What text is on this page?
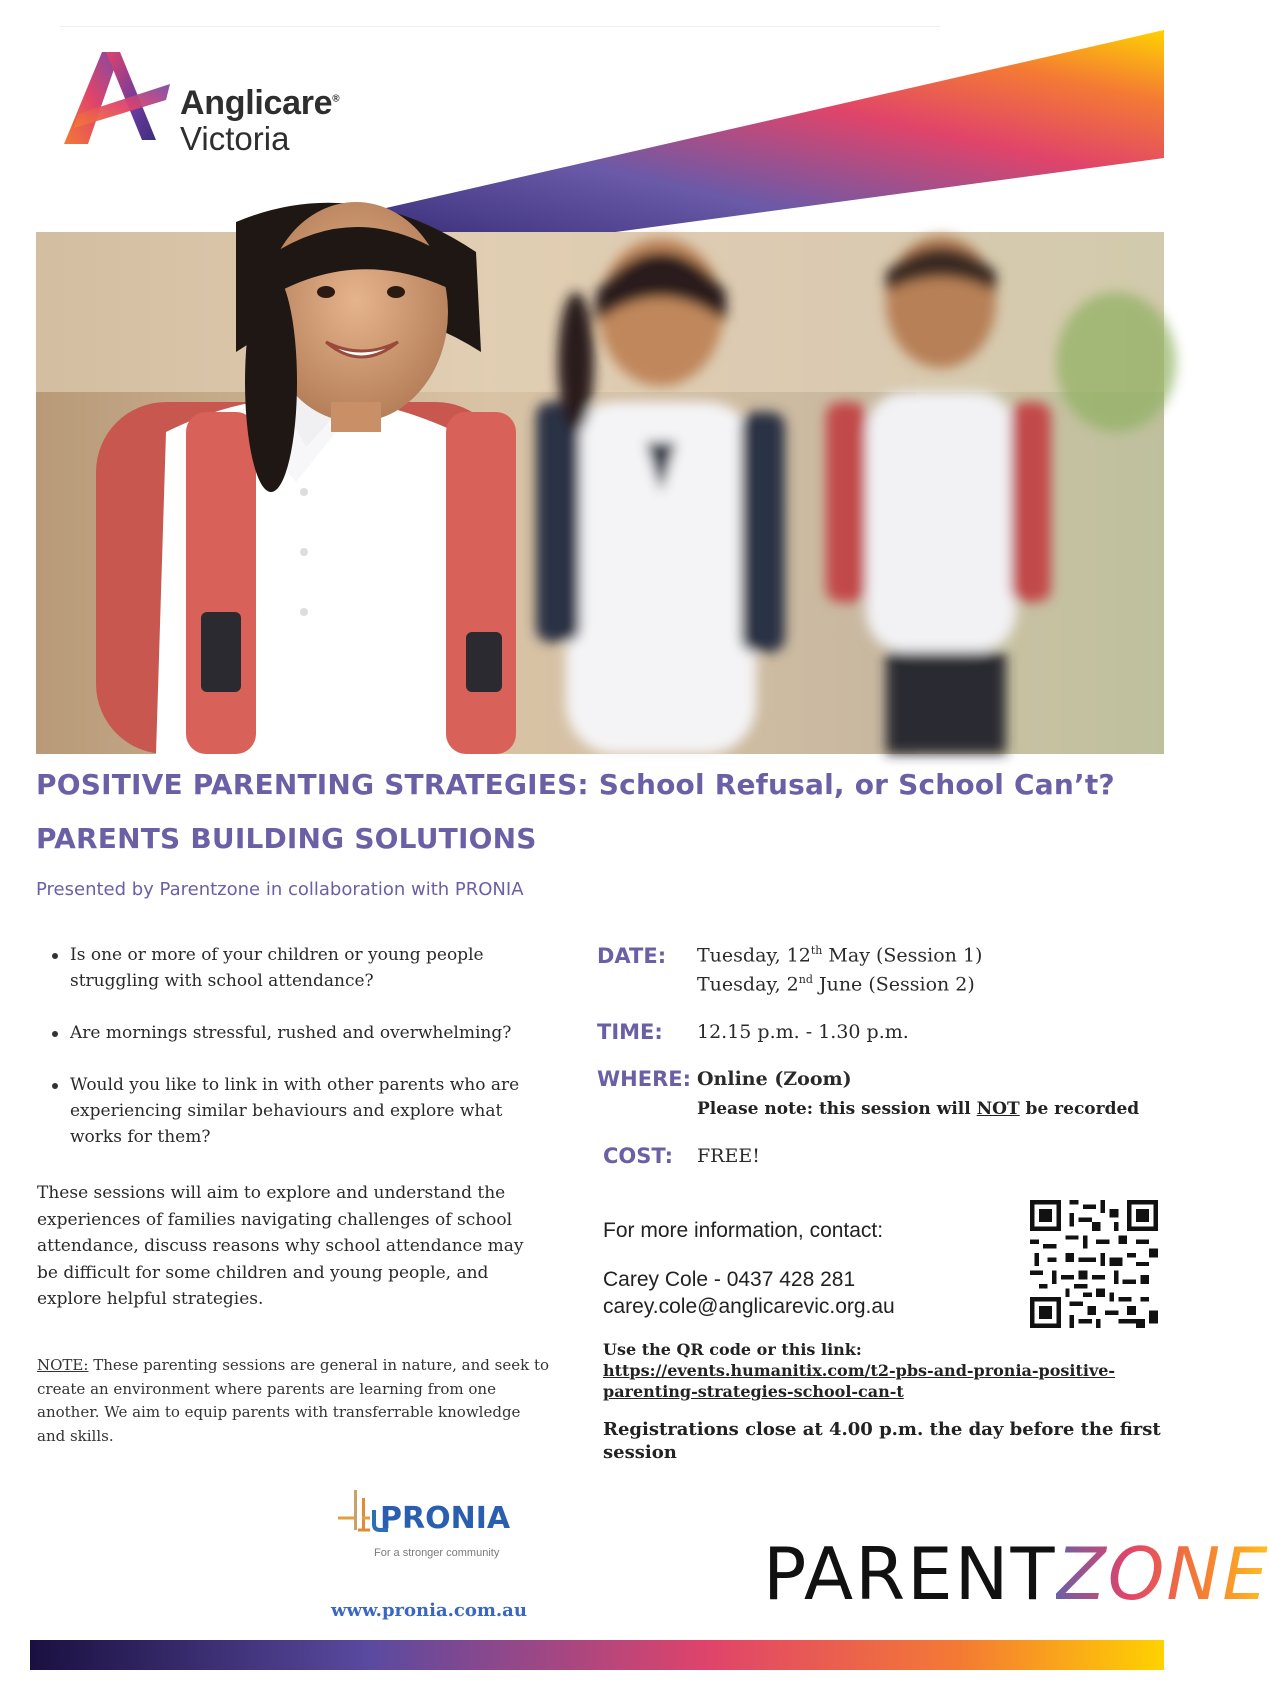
Anglicare®
Victoria
POSITIVE PARENTING STRATEGIES: School Refusal, or School Can’t?
PARENTS BUILDING SOLUTIONS
Presented by Parentzone in collaboration with PRONIA
Is one or more of your children or young people struggling with school attendance?
Are mornings stressful, rushed and overwhelming?
Would you like to link in with other parents who are experiencing similar behaviours and explore what works for them?
These sessions will aim to explore and understand the experiences of families navigating challenges of school attendance, discuss reasons why school attendance may be difficult for some children and young people, and explore helpful strategies.
NOTE: These parenting sessions are general in nature, and seek to create an environment where parents are learning from one another. We aim to equip parents with transferrable knowledge and skills.
DATE: Tuesday, 12th May (Session 1)
Tuesday, 2nd June (Session 2)
TIME: 12.15 p.m. - 1.30 p.m.
WHERE: Online (Zoom)
Please note: this session will NOT be recorded
COST: FREE!
For more information, contact:
Carey Cole - 0437 428 281
carey.cole@anglicarevic.org.au
Use the QR code or this link:
https://events.humanitix.com/t2-pbs-and-pronia-positive-
parenting-strategies-school-can-t
Registrations close at 4.00 p.m. the day before the first session
PRONIA
For a stronger community
www.pronia.com.au	PARENT
ZONE
